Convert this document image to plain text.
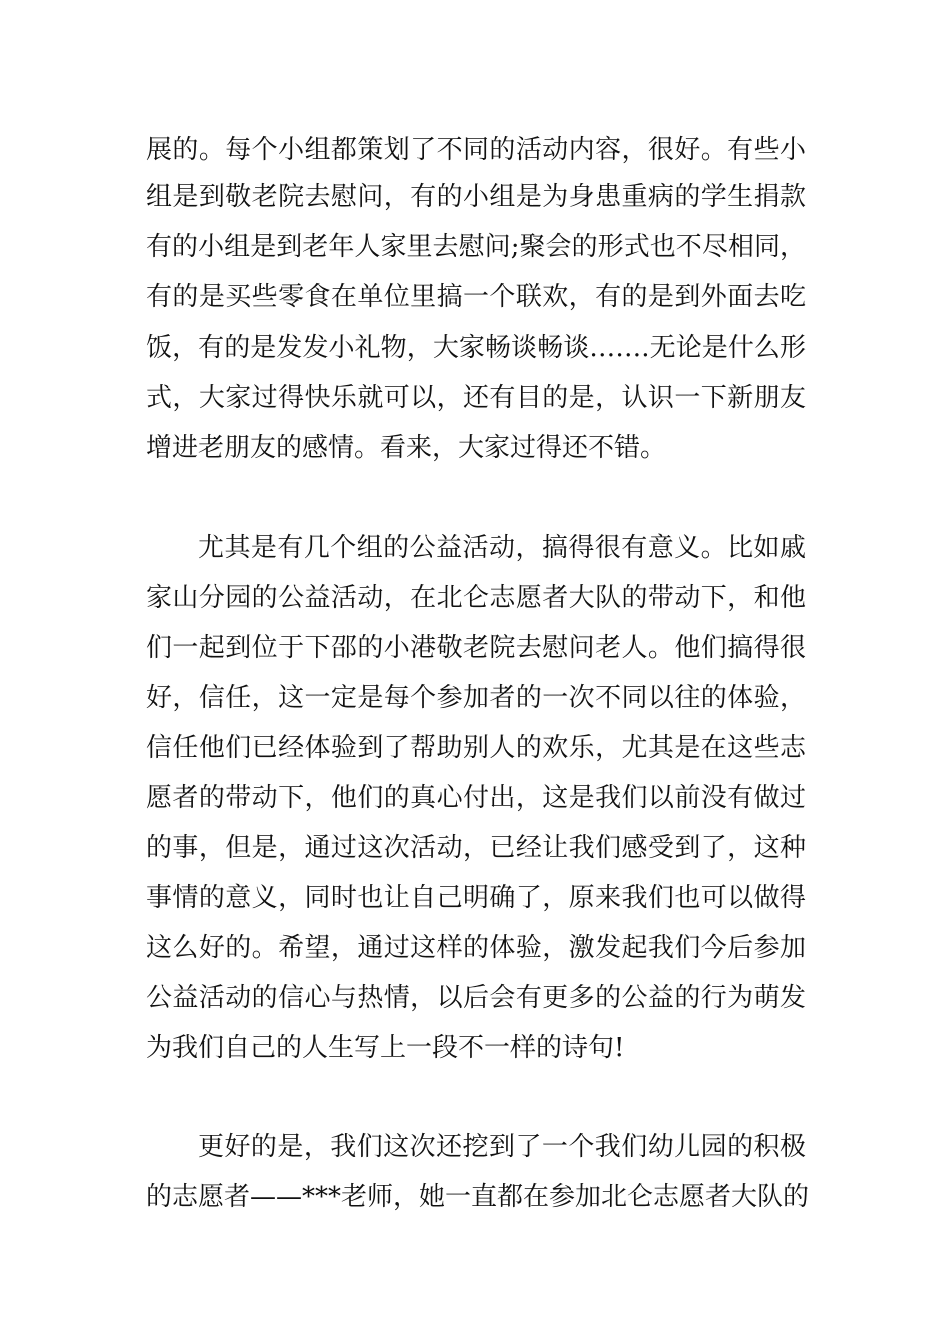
展的。每个小组都策划了不同的活动内容，很好。有些小
组是到敬老院去慰问，有的小组是为身患重病的学生捐款
有的小组是到老年人家里去慰问;聚会的形式也不尽相同，
有的是买些零食在单位里搞一个联欢，有的是到外面去吃
饭，有的是发发小礼物，大家畅谈畅谈…….无论是什么形
式，大家过得快乐就可以，还有目的是，认识一下新朋友
增进老朋友的感情。看来，大家过得还不错。
尤其是有几个组的公益活动，搞得很有意义。比如戚
家山分园的公益活动，在北仑志愿者大队的带动下，和他
们一起到位于下邵的小港敬老院去慰问老人。他们搞得很
好，信任，这一定是每个参加者的一次不同以往的体验，
信任他们已经体验到了帮助别人的欢乐，尤其是在这些志
愿者的带动下，他们的真心付出，这是我们以前没有做过
的事，但是，通过这次活动，已经让我们感受到了，这种
事情的意义，同时也让自己明确了，原来我们也可以做得
这么好的。希望，通过这样的体验，激发起我们今后参加
公益活动的信心与热情，以后会有更多的公益的行为萌发
为我们自己的人生写上一段不一样的诗句!
更好的是，我们这次还挖到了一个我们幼儿园的积极
的志愿者——***老师，她一直都在参加北仑志愿者大队的
